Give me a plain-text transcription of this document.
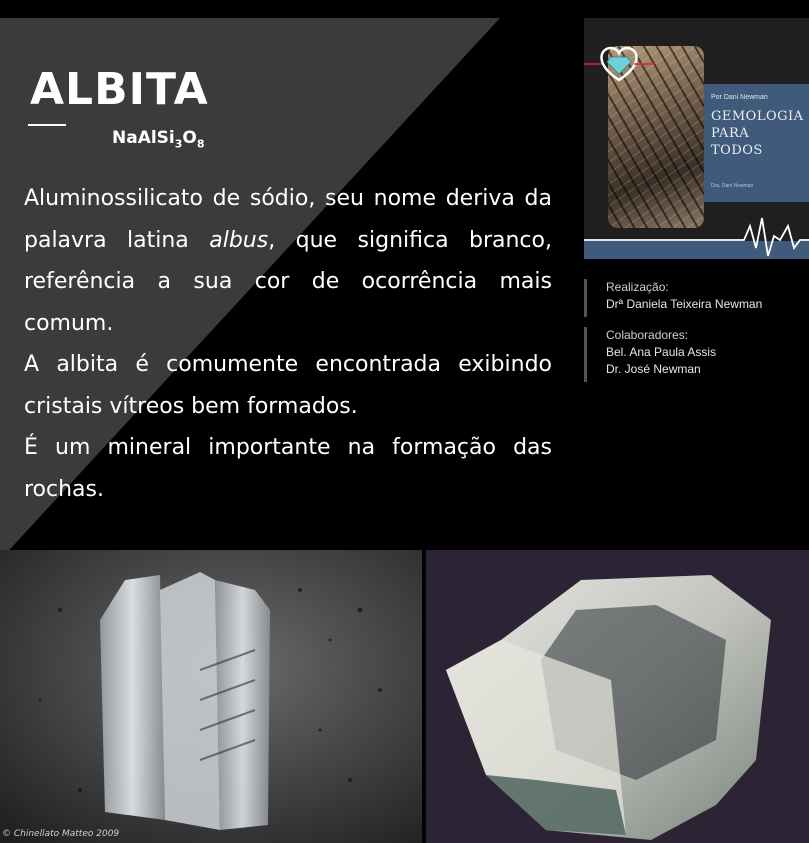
ALBITA
$NaAlSi_3O_8$

Aluminossilicato de sódio, seu nome deriva da palavra latina albus, que significa branco, referência a sua cor de ocorrência mais comum.

A albita é comumente encontrada exibindo cristais vítreos bem formados.

É um mineral importante na formação das rochas.

Por Dani Newman
GEMOLOGIA
PARA
TODOS
Dra. Dani Newman
Realização:
Drª Daniela Teixeira Newman
Colaboradores:
Bel. Ana Paula Assis
Dr. José Newman
© Chinellato Matteo 2009
